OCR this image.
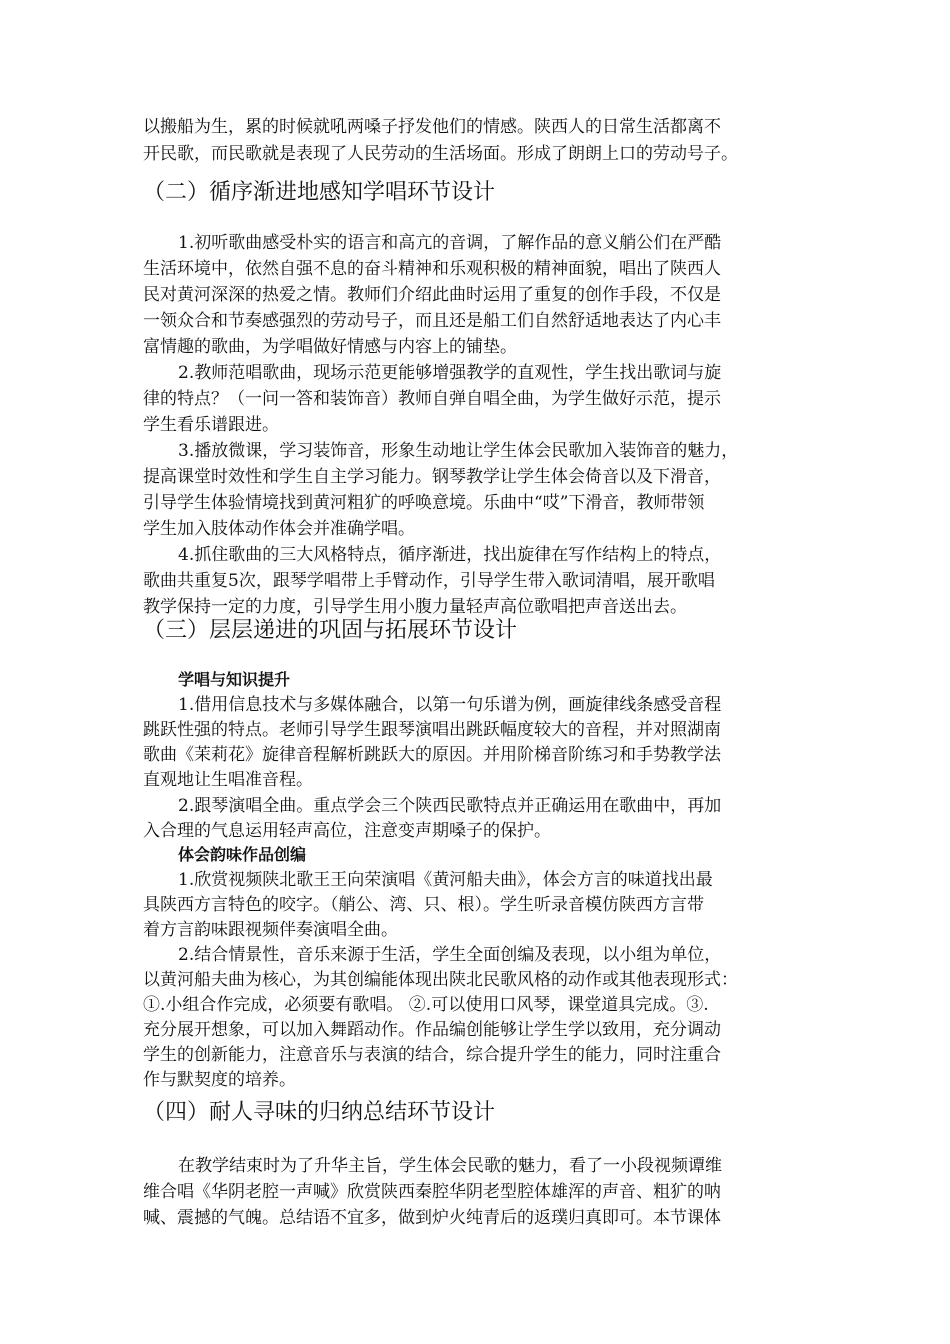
以搬船为生，累的时候就吼两嗓子抒发他们的情感。陕西人的日常生活都离不
开民歌，而民歌就是表现了人民劳动的生活场面。形成了朗朗上口的劳动号子。
（二）循序渐进地感知学唱环节设计
1.初听歌曲感受朴实的语言和高亢的音调，了解作品的意义艄公们在严酷
生活环境中，依然自强不息的奋斗精神和乐观积极的精神面貌，唱出了陕西人
民对黄河深深的热爱之情。教师们介绍此曲时运用了重复的创作手段，不仅是
一领众合和节奏感强烈的劳动号子，而且还是船工们自然舒适地表达了内心丰
富情趣的歌曲，为学唱做好情感与内容上的铺垫。
2.教师范唱歌曲，现场示范更能够增强教学的直观性，学生找出歌词与旋
律的特点？（一问一答和装饰音）教师自弹自唱全曲，为学生做好示范，提示
学生看乐谱跟进。
3.播放微课，学习装饰音，形象生动地让学生体会民歌加入装饰音的魅力，
提高课堂时效性和学生自主学习能力。钢琴教学让学生体会倚音以及下滑音，
引导学生体验情境找到黄河粗犷的呼唤意境。乐曲中“哎”下滑音，教师带领
学生加入肢体动作体会并准确学唱。
4.抓住歌曲的三大风格特点，循序渐进，找出旋律在写作结构上的特点，
歌曲共重复5次，跟琴学唱带上手臂动作，引导学生带入歌词清唱，展开歌唱
教学保持一定的力度，引导学生用小腹力量轻声高位歌唱把声音送出去。
（三）层层递进的巩固与拓展环节设计
学唱与知识提升
1.借用信息技术与多媒体融合，以第一句乐谱为例，画旋律线条感受音程
跳跃性强的特点。老师引导学生跟琴演唱出跳跃幅度较大的音程，并对照湖南
歌曲《茉莉花》旋律音程解析跳跃大的原因。并用阶梯音阶练习和手势教学法
直观地让生唱准音程。
2.跟琴演唱全曲。重点学会三个陕西民歌特点并正确运用在歌曲中，再加
入合理的气息运用轻声高位，注意变声期嗓子的保护。
体会韵味作品创编
1.欣赏视频陕北歌王王向荣演唱《黄河船夫曲》，体会方言的味道找出最
具陕西方言特色的咬字。（艄公、湾、只、根）。学生听录音模仿陕西方言带
着方言韵味跟视频伴奏演唱全曲。
2.结合情景性，音乐来源于生活，学生全面创编及表现，以小组为单位，
以黄河船夫曲为核心，为其创编能体现出陕北民歌风格的动作或其他表现形式：
①.小组合作完成，必须要有歌唱。 ②.可以使用口风琴，课堂道具完成。③.
充分展开想象，可以加入舞蹈动作。作品编创能够让学生学以致用，充分调动
学生的创新能力，注意音乐与表演的结合，综合提升学生的能力，同时注重合
作与默契度的培养。
（四）耐人寻味的归纳总结环节设计
在教学结束时为了升华主旨，学生体会民歌的魅力，看了一小段视频谭维
维合唱《华阴老腔一声喊》欣赏陕西秦腔华阴老型腔体雄浑的声音、粗犷的呐
喊、震撼的气魄。总结语不宜多，做到炉火纯青后的返璞归真即可。本节课体
